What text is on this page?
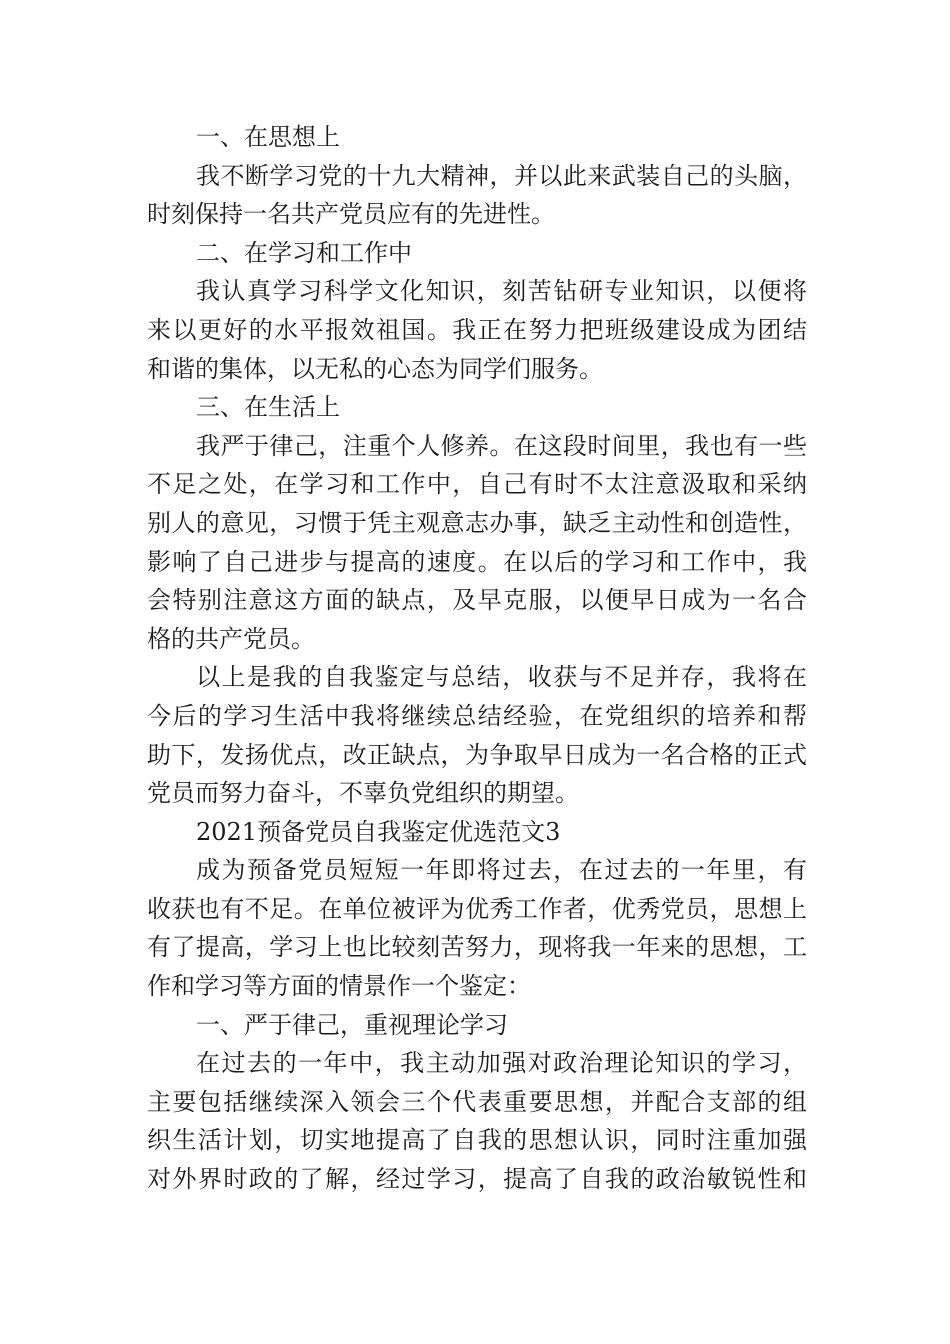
一、在思想上
我不断学习党的十九大精神，并以此来武装自己的头脑，
时刻保持一名共产党员应有的先进性。
二、在学习和工作中
我认真学习科学文化知识，刻苦钻研专业知识，以便将
来以更好的水平报效祖国。我正在努力把班级建设成为团结
和谐的集体，以无私的心态为同学们服务。
三、在生活上
我严于律己，注重个人修养。在这段时间里，我也有一些
不足之处，在学习和工作中，自己有时不太注意汲取和采纳
别人的意见，习惯于凭主观意志办事，缺乏主动性和创造性，
影响了自己进步与提高的速度。在以后的学习和工作中，我
会特别注意这方面的缺点，及早克服，以便早日成为一名合
格的共产党员。
以上是我的自我鉴定与总结，收获与不足并存，我将在
今后的学习生活中我将继续总结经验，在党组织的培养和帮
助下，发扬优点，改正缺点，为争取早日成为一名合格的正式
党员而努力奋斗，不辜负党组织的期望。
2021预备党员自我鉴定优选范文3
成为预备党员短短一年即将过去，在过去的一年里，有
收获也有不足。在单位被评为优秀工作者，优秀党员，思想上
有了提高，学习上也比较刻苦努力，现将我一年来的思想，工
作和学习等方面的情景作一个鉴定：
一、严于律己，重视理论学习
在过去的一年中，我主动加强对政治理论知识的学习，
主要包括继续深入领会三个代表重要思想，并配合支部的组
织生活计划，切实地提高了自我的思想认识，同时注重加强
对外界时政的了解，经过学习，提高了自我的政治敏锐性和
